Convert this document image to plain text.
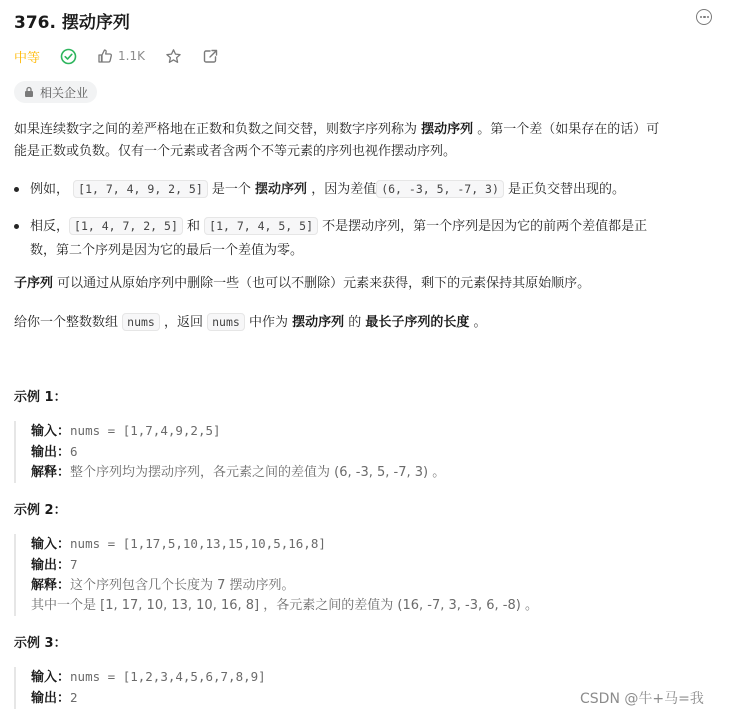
376. 摆动序列
中等	1.1K
相关企业
如果连续数字之间的差严格地在正数和负数之间交替，则数字序列称为 摆动序列 。第一个差（如果存在的话）可
能是正数或负数。仅有一个元素或者含两个不等元素的序列也视作摆动序列。
例如， [1, 7, 4, 9, 2, 5] 是一个 摆动序列 ，因为差值 (6, -3, 5, -7, 3) 是正负交替出现的。
相反， [1, 4, 7, 2, 5] 和 [1, 7, 4, 5, 5] 不是摆动序列，第一个序列是因为它的前两个差值都是正
数，第二个序列是因为它的最后一个差值为零。
子序列 可以通过从原始序列中删除一些（也可以不删除）元素来获得，剩下的元素保持其原始顺序。
给你一个整数数组 nums ，返回 nums 中作为 摆动序列 的 最长子序列的长度 。
示例 1：
输入：nums = [1,7,4,9,2,5]
输出：6
解释：整个序列均为摆动序列，各元素之间的差值为 (6, -3, 5, -7, 3) 。
示例 2：
输入：nums = [1,17,5,10,13,15,10,5,16,8]
输出：7
解释：这个序列包含几个长度为 7 摆动序列。
其中一个是 [1, 17, 10, 13, 10, 16, 8] ，各元素之间的差值为 (16, -7, 3, -3, 6, -8) 。
示例 3：
输入：nums = [1,2,3,4,5,6,7,8,9]
输出：2	CSDN @牛+马=我
